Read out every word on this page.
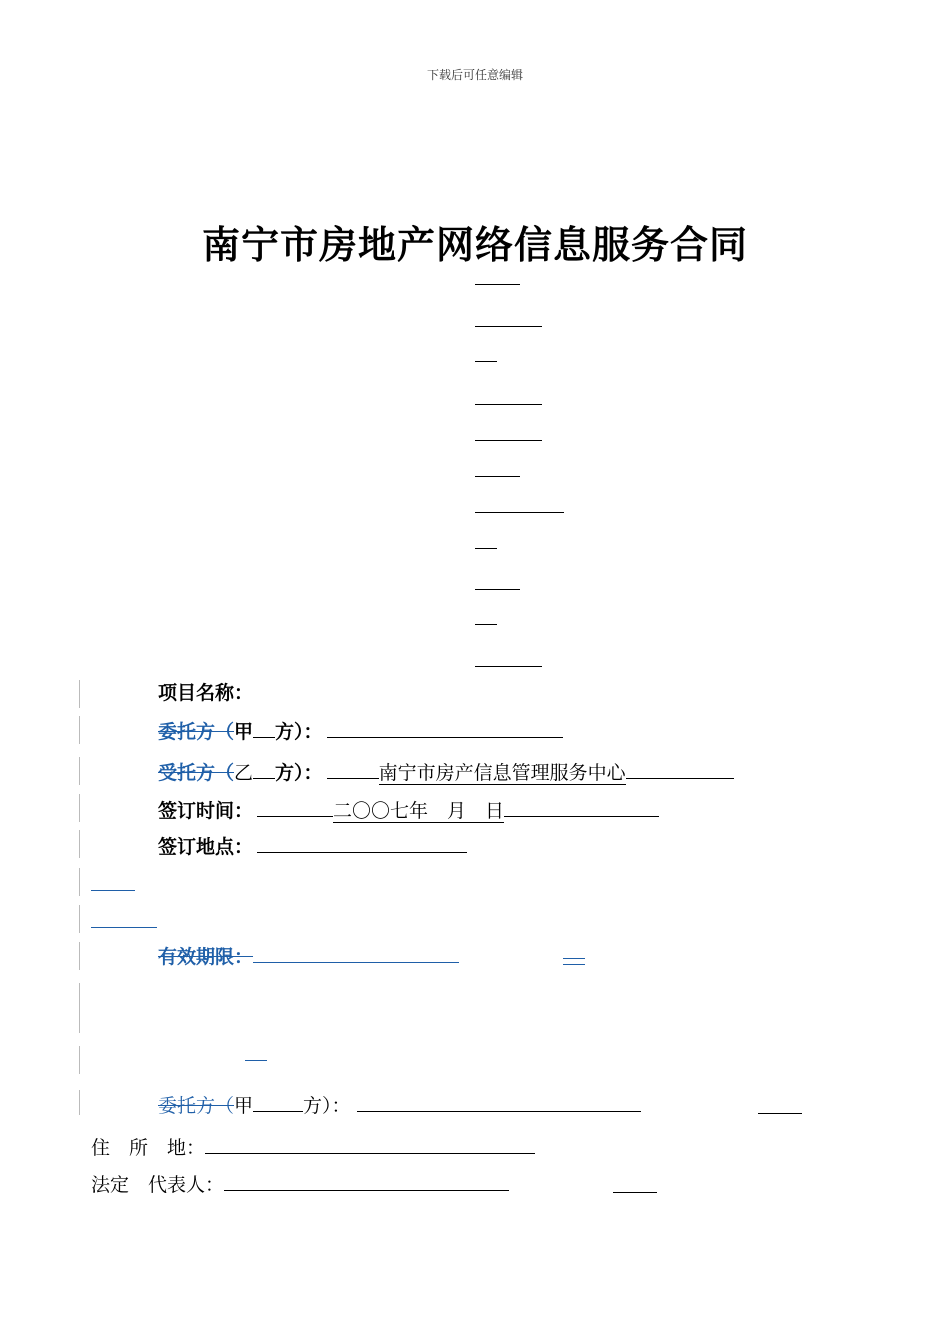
下载后可任意编辑
南宁市房地产网络信息服务合同
项目名称：
委托方（甲 方）：
受托方（乙 方）：	南宁市房产信息管理服务中心
签订时间：	二〇〇七年　月　日
签订地点：
有效期限：
委托方（甲	方）：
住　所　地：
法定　代表人：
